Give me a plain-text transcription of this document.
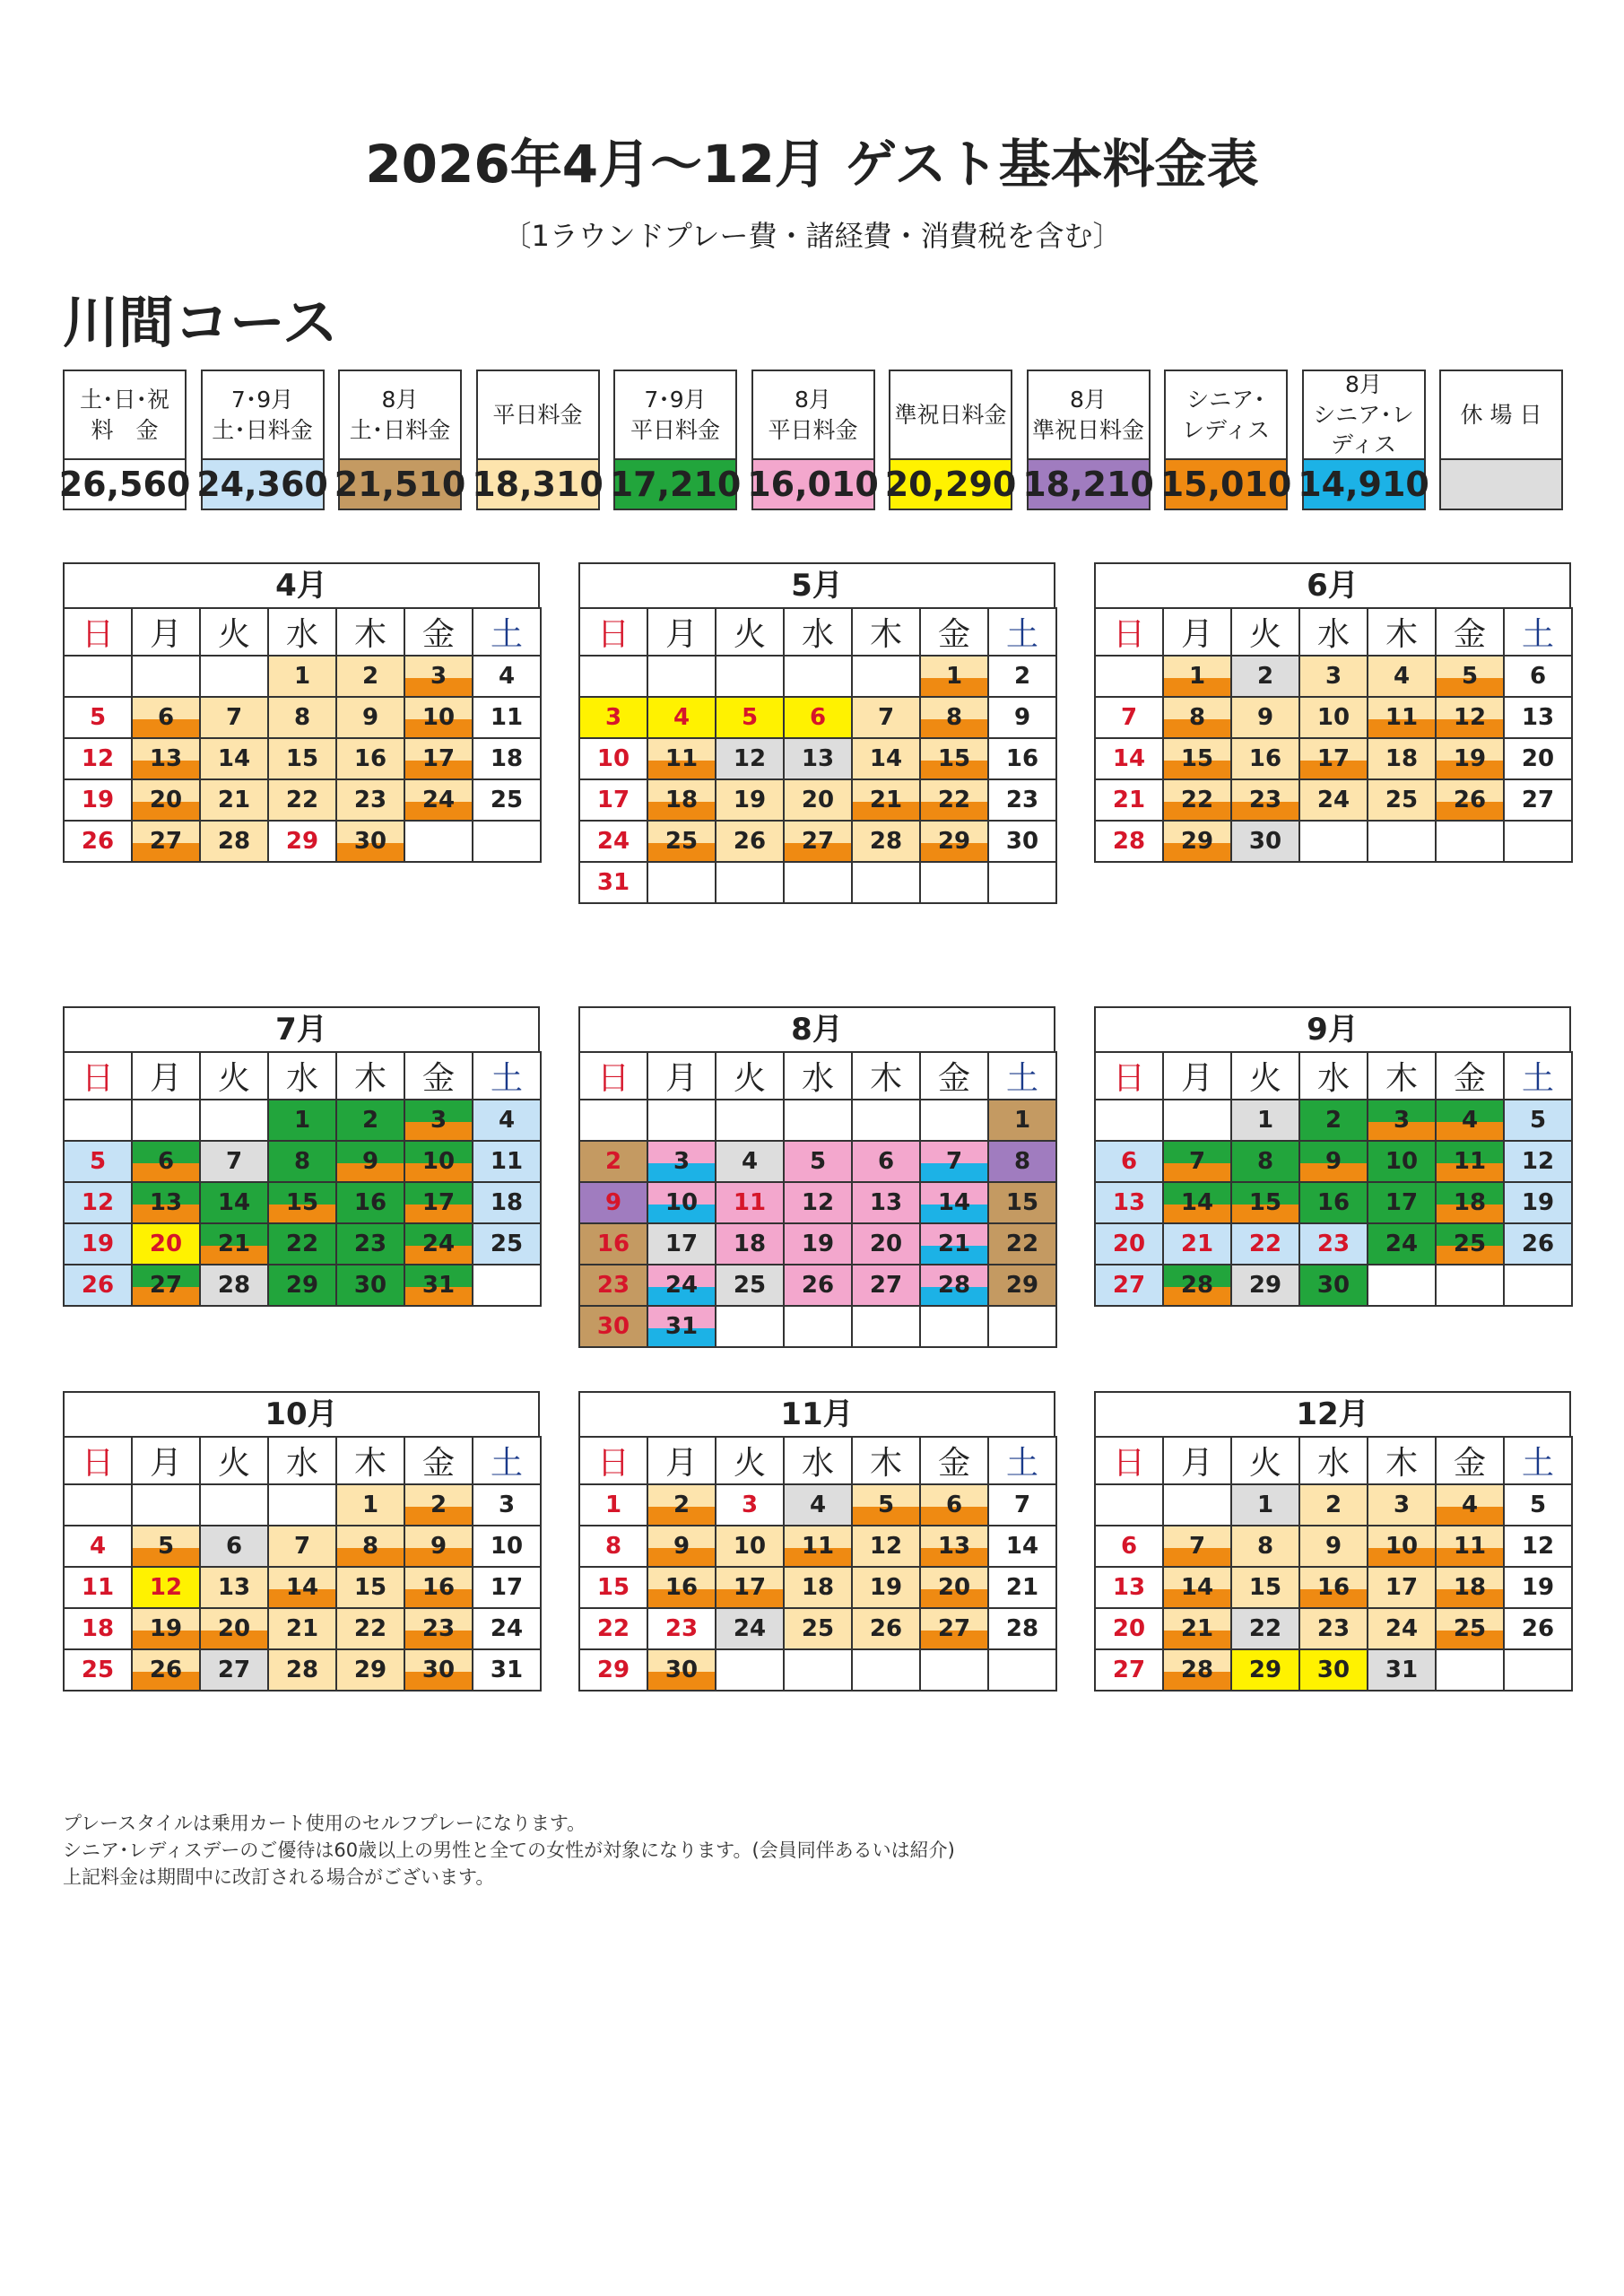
2026年4月〜12月 ゲスト基本料金表
〔1ラウンドプレー費・諸経費・消費税を含む〕
川間コース
土･日･祝
料　金
26,560
7･9月
土･日料金
24,360
8月
土･日料金
21,510
平日料金
18,310
7･9月
平日料金
17,210
8月
平日料金
16,010
準祝日料金
20,290
8月
準祝日料金
18,210
シニア･
レディス
15,010
8月
シニア･レディス
14,910
休 場 日
4月
日	月	火	水	木	金	土
			1	2	3	4
5	6	7	8	9	10	11
12	13	14	15	16	17	18
19	20	21	22	23	24	25
26	27	28	29	30		
5月
日	月	火	水	木	金	土
					1	2
3	4	5	6	7	8	9
10	11	12	13	14	15	16
17	18	19	20	21	22	23
24	25	26	27	28	29	30
31						
6月
日	月	火	水	木	金	土
	1	2	3	4	5	6
7	8	9	10	11	12	13
14	15	16	17	18	19	20
21	22	23	24	25	26	27
28	29	30				
7月
日	月	火	水	木	金	土
			1	2	3	4
5	6	7	8	9	10	11
12	13	14	15	16	17	18
19	20	21	22	23	24	25
26	27	28	29	30	31	
8月
日	月	火	水	木	金	土
						1
2	3	4	5	6	7	8
9	10	11	12	13	14	15
16	17	18	19	20	21	22
23	24	25	26	27	28	29
30	31					
9月
日	月	火	水	木	金	土
		1	2	3	4	5
6	7	8	9	10	11	12
13	14	15	16	17	18	19
20	21	22	23	24	25	26
27	28	29	30			
10月
日	月	火	水	木	金	土
				1	2	3
4	5	6	7	8	9	10
11	12	13	14	15	16	17
18	19	20	21	22	23	24
25	26	27	28	29	30	31
11月
日	月	火	水	木	金	土
1	2	3	4	5	6	7
8	9	10	11	12	13	14
15	16	17	18	19	20	21
22	23	24	25	26	27	28
29	30					
12月
日	月	火	水	木	金	土
		1	2	3	4	5
6	7	8	9	10	11	12
13	14	15	16	17	18	19
20	21	22	23	24	25	26
27	28	29	30	31		
プレースタイルは乗用カート使用のセルフプレーになります。
シニア･レディスデーのご優待は60歳以上の男性と全ての女性が対象になります。(会員同伴あるいは紹介)
上記料金は期間中に改訂される場合がございます。
